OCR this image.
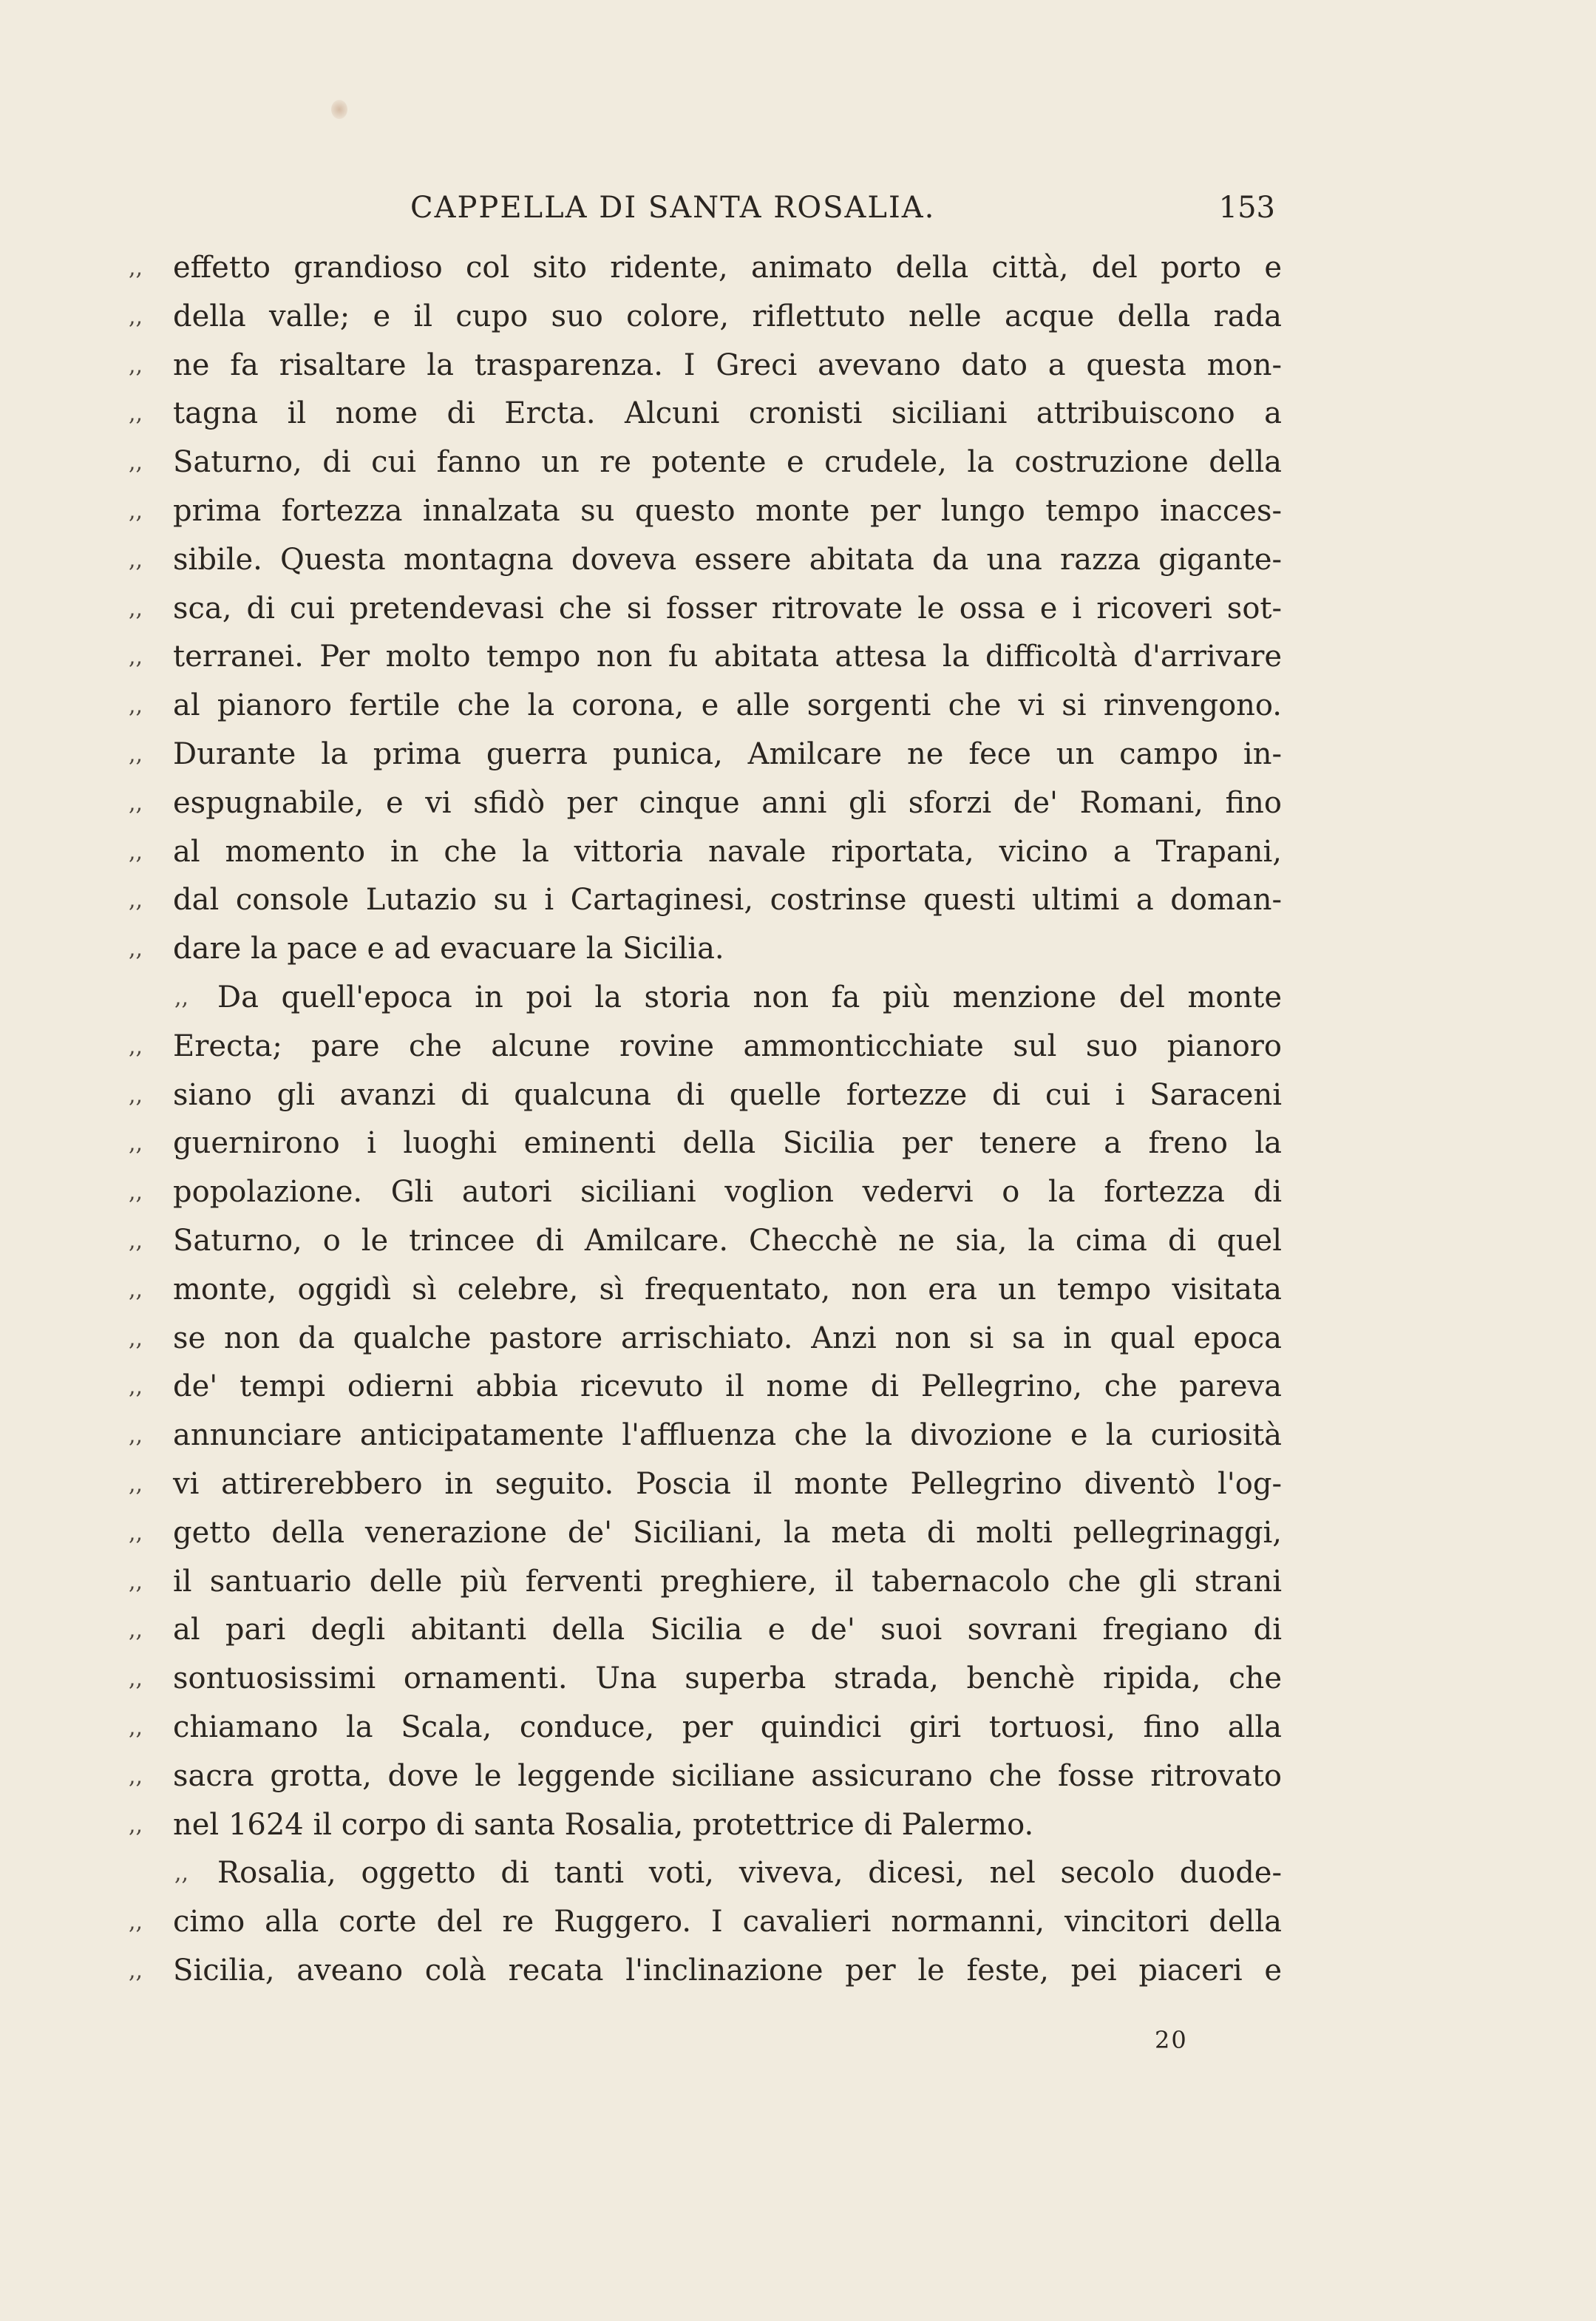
CAPPELLA DI SANTA ROSALIA.	153
,,	effetto grandioso col sito ridente, animato della città, del porto e
,,	della valle; e il cupo suo colore, riflettuto nelle acque della rada
,,	ne fa risaltare la trasparenza. I Greci avevano dato a questa mon-
,,	tagna il nome di Ercta. Alcuni cronisti siciliani attribuiscono a
,,	Saturno, di cui fanno un re potente e crudele, la costruzione della
,,	prima fortezza innalzata su questo monte per lungo tempo inacces-
,,	sibile. Questa montagna doveva essere abitata da una razza gigante-
,,	sca, di cui pretendevasi che si fosser ritrovate le ossa e i ricoveri sot-
,,	terranei. Per molto tempo non fu abitata attesa la difficoltà d'arrivare
,,	al pianoro fertile che la corona, e alle sorgenti che vi si rinvengono.
,,	Durante la prima guerra punica, Amilcare ne fece un campo in-
,,	espugnabile, e vi sfidò per cinque anni gli sforzi de' Romani, fino
,,	al momento in che la vittoria navale riportata, vicino a Trapani,
,,	dal console Lutazio su i Cartaginesi, costrinse questi ultimi a doman-
,,	dare la pace e ad evacuare la Sicilia.
,, Da quell'epoca in poi la storia non fa più menzione del monte
,,	Erecta; pare che alcune rovine ammonticchiate sul suo pianoro
,,	siano gli avanzi di qualcuna di quelle fortezze di cui i Saraceni
,,	guernirono i luoghi eminenti della Sicilia per tenere a freno la
,,	popolazione. Gli autori siciliani voglion vedervi o la fortezza di
,,	Saturno, o le trincee di Amilcare. Checchè ne sia, la cima di quel
,,	monte, oggidì sì celebre, sì frequentato, non era un tempo visitata
,,	se non da qualche pastore arrischiato. Anzi non si sa in qual epoca
,,	de' tempi odierni abbia ricevuto il nome di Pellegrino, che pareva
,,	annunciare anticipatamente l'affluenza che la divozione e la curiosità
,,	vi attirerebbero in seguito. Poscia il monte Pellegrino diventò l'og-
,,	getto della venerazione de' Siciliani, la meta di molti pellegrinaggi,
,,	il santuario delle più ferventi preghiere, il tabernacolo che gli strani
,,	al pari degli abitanti della Sicilia e de' suoi sovrani fregiano di
,,	sontuosissimi ornamenti. Una superba strada, benchè ripida, che
,,	chiamano la Scala, conduce, per quindici giri tortuosi, fino alla
,,	sacra grotta, dove le leggende siciliane assicurano che fosse ritrovato
,,	nel 1624 il corpo di santa Rosalia, protettrice di Palermo.
,, Rosalia, oggetto di tanti voti, viveva, dicesi, nel secolo duode-
,,	cimo alla corte del re Ruggero. I cavalieri normanni, vincitori della
,,	Sicilia, aveano colà recata l'inclinazione per le feste, pei piaceri e
20
